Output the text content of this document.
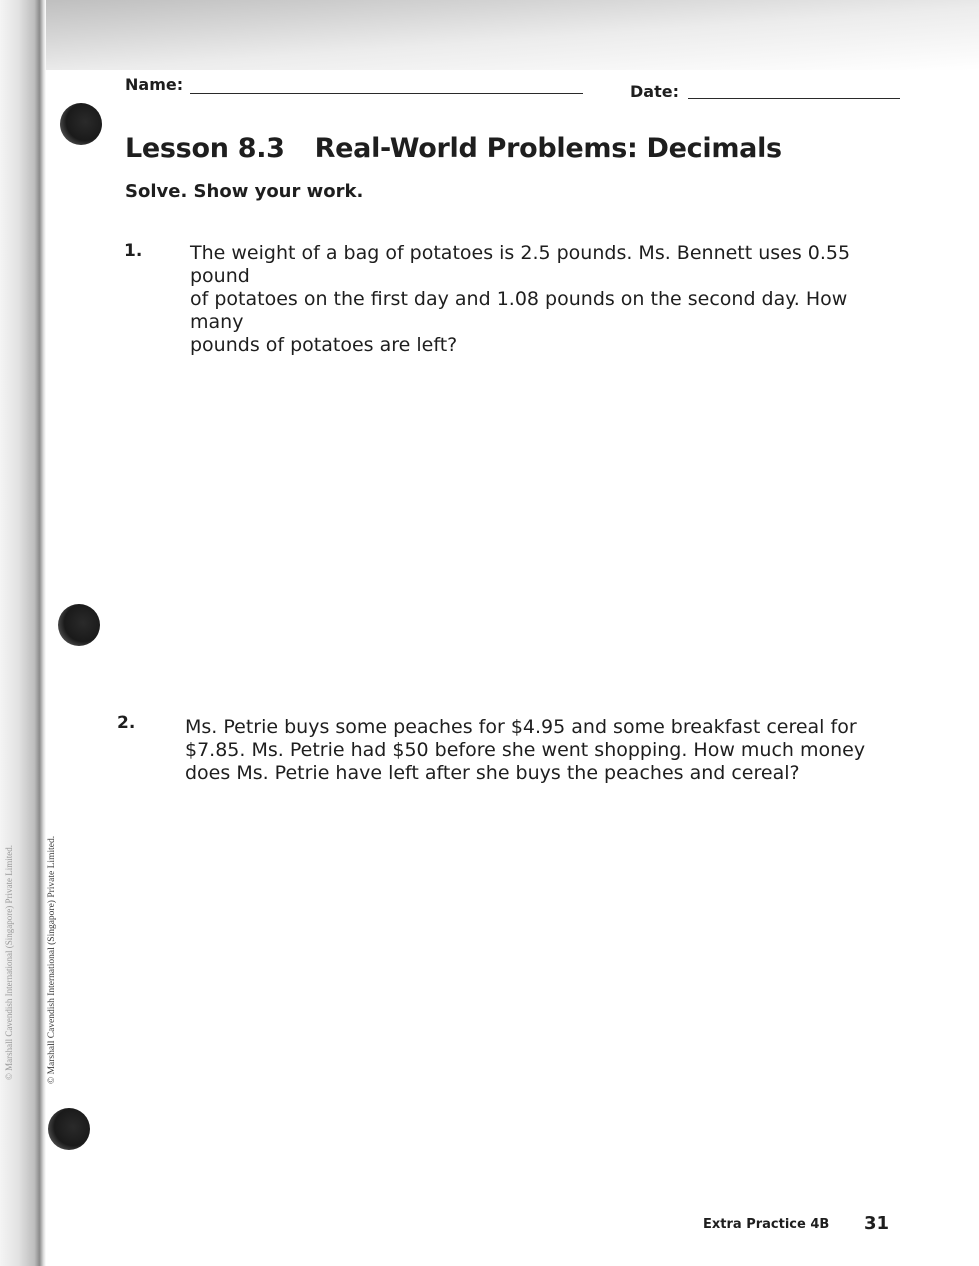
© Marshall Cavendish International (Singapore) Private Limited.	© Marshall Cavendish International (Singapore) Private Limited.
Name:	Date:
Lesson 8.3 Real-World Problems: Decimals
Solve. Show your work.
1.	The weight of a bag of potatoes is 2.5 pounds. Ms. Bennett uses 0.55 pound
of potatoes on the first day and 1.08 pounds on the second day. How many
pounds of potatoes are left?
2.	Ms. Petrie buys some peaches for $4.95 and some breakfast cereal for
$7.85. Ms. Petrie had $50 before she went shopping. How much money
does Ms. Petrie have left after she buys the peaches and cereal?
Extra Practice 4B 31
